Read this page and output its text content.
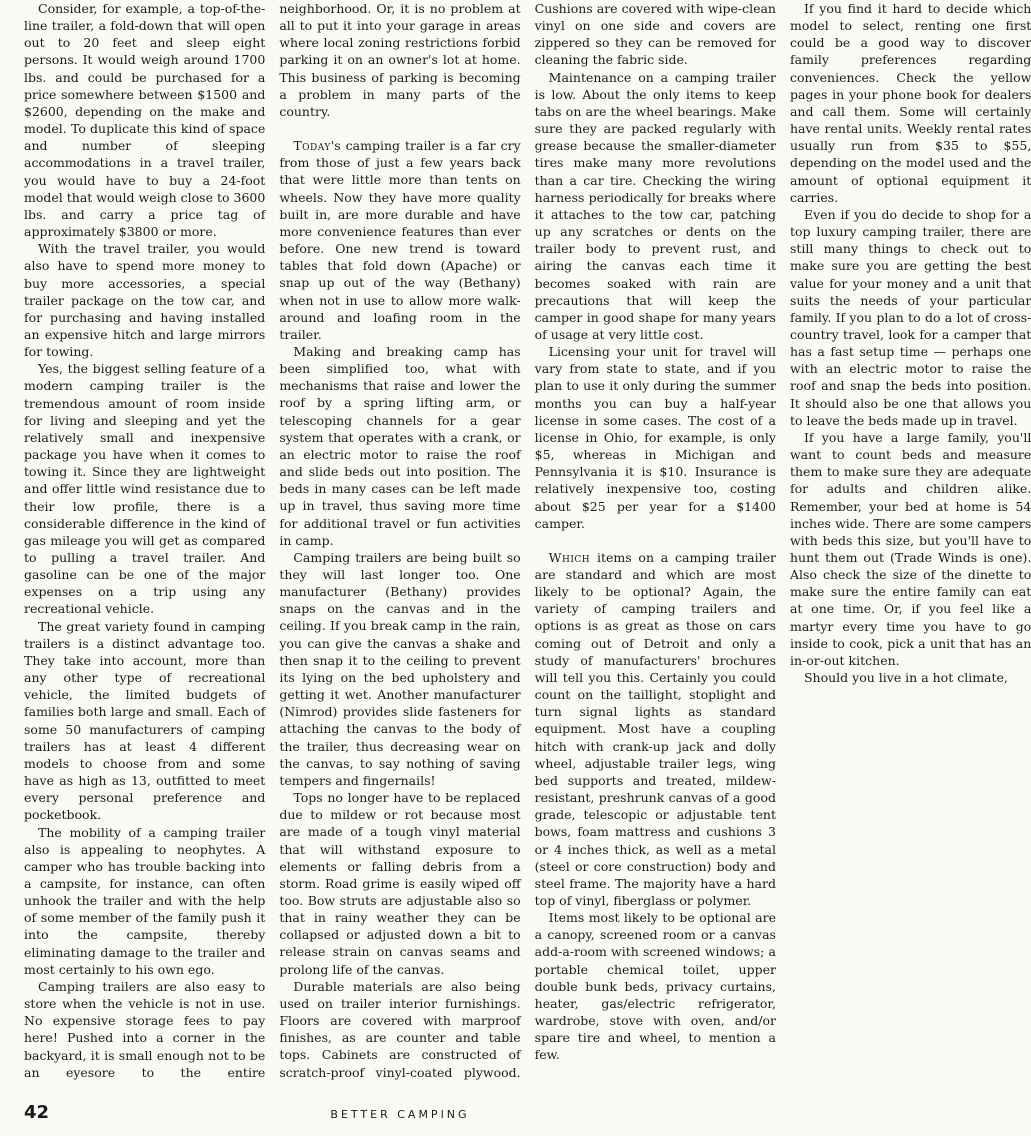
Consider, for example, a top-of-the-line trailer, a fold-down that will open out to 20 feet and sleep eight persons. It would weigh around 1700 lbs. and could be purchased for a price somewhere between $1500 and $2600, depending on the make and model. To duplicate this kind of space and number of sleeping accommodations in a travel trailer, you would have to buy a 24-foot model that would weigh close to 3600 lbs. and carry a price tag of approximately $3800 or more.

With the travel trailer, you would also have to spend more money to buy more accessories, a special trailer package on the tow car, and for purchasing and having installed an expensive hitch and large mirrors for towing.

Yes, the biggest selling feature of a modern camping trailer is the tremendous amount of room inside for living and sleeping and yet the relatively small and inexpensive package you have when it comes to towing it. Since they are lightweight and offer little wind resistance due to their low profile, there is a considerable difference in the kind of gas mileage you will get as compared to pulling a travel trailer. And gasoline can be one of the major expenses on a trip using any recreational vehicle.

The great variety found in camping trailers is a distinct advantage too. They take into account, more than any other type of recreational vehicle, the limited budgets of families both large and small. Each of some 50 manufacturers of camping trailers has at least 4 different models to choose from and some have as high as 13, outfitted to meet every personal preference and pocketbook.

The mobility of a camping trailer also is appealing to neophytes. A camper who has trouble backing into a campsite, for instance, can often unhook the trailer and with the help of some member of the family push it into the campsite, thereby eliminating damage to the trailer and most certainly to his own ego.

Camping trailers are also easy to store when the vehicle is not in use. No expensive storage fees to pay here! Pushed into a corner in the backyard, it is small enough not to be an eyesore to the entire neighborhood. Or, it is no problem at all to put it into your garage in areas where local zoning restrictions forbid parking it on an owner's lot at home. This business of parking is becoming a problem in many parts of the country.

Today's camping trailer is a far cry from those of just a few years back that were little more than tents on wheels. Now they have more quality built in, are more durable and have more convenience features than ever before. One new trend is toward tables that fold down (Apache) or snap up out of the way (Bethany) when not in use to allow more walk-around and loafing room in the trailer.

Making and breaking camp has been simplified too, what with mechanisms that raise and lower the roof by a spring lifting arm, or telescoping channels for a gear system that operates with a crank, or an electric motor to raise the roof and slide beds out into position. The beds in many cases can be left made up in travel, thus saving more time for additional travel or fun activities in camp.

Camping trailers are being built so they will last longer too. One manufacturer (Bethany) provides snaps on the canvas and in the ceiling. If you break camp in the rain, you can give the canvas a shake and then snap it to the ceiling to prevent its lying on the bed upholstery and getting it wet. Another manufacturer (Nimrod) provides slide fasteners for attaching the canvas to the body of the trailer, thus decreasing wear on the canvas, to say nothing of saving tempers and fingernails!

Tops no longer have to be replaced due to mildew or rot because most are made of a tough vinyl material that will withstand exposure to elements or falling debris from a storm. Road grime is easily wiped off too. Bow struts are adjustable also so that in rainy weather they can be collapsed or adjusted down a bit to release strain on canvas seams and prolong life of the canvas.

Durable materials are also being used on trailer interior furnishings. Floors are covered with marproof finishes, as are counter and table tops. Cabinets are constructed of scratch-proof vinyl-coated plywood. Cushions are covered with wipe-clean vinyl on one side and covers are zippered so they can be removed for cleaning the fabric side.

Maintenance on a camping trailer is low. About the only items to keep tabs on are the wheel bearings. Make sure they are packed regularly with grease because the smaller-diameter tires make many more revolutions than a car tire. Checking the wiring harness periodically for breaks where it attaches to the tow car, patching up any scratches or dents on the trailer body to prevent rust, and airing the canvas each time it becomes soaked with rain are precautions that will keep the camper in good shape for many years of usage at very little cost.

Licensing your unit for travel will vary from state to state, and if you plan to use it only during the summer months you can buy a half-year license in some cases. The cost of a license in Ohio, for example, is only $5, whereas in Michigan and Pennsylvania it is $10. Insurance is relatively inexpensive too, costing about $25 per year for a $1400 camper.

Which items on a camping trailer are standard and which are most likely to be optional? Again, the variety of camping trailers and options is as great as those on cars coming out of Detroit and only a study of manufacturers' brochures will tell you this. Certainly you could count on the taillight, stoplight and turn signal lights as standard equipment. Most have a coupling hitch with crank-up jack and dolly wheel, adjustable trailer legs, wing bed supports and treated, mildew-resistant, preshrunk canvas of a good grade, telescopic or adjustable tent bows, foam mattress and cushions 3 or 4 inches thick, as well as a metal (steel or core construction) body and steel frame. The majority have a hard top of vinyl, fiberglass or polymer.

Items most likely to be optional are a canopy, screened room or a canvas add-a-room with screened windows; a portable chemical toilet, upper double bunk beds, privacy curtains, heater, gas/electric refrigerator, wardrobe, stove with oven, and/or spare tire and wheel, to mention a few.

If you find it hard to decide which model to select, renting one first could be a good way to discover family preferences regarding conveniences. Check the yellow pages in your phone book for dealers and call them. Some will certainly have rental units. Weekly rental rates usually run from $35 to $55, depending on the model used and the amount of optional equipment it carries.

Even if you do decide to shop for a top luxury camping trailer, there are still many things to check out to make sure you are getting the best value for your money and a unit that suits the needs of your particular family. If you plan to do a lot of cross-country travel, look for a camper that has a fast setup time — perhaps one with an electric motor to raise the roof and snap the beds into position. It should also be one that allows you to leave the beds made up in travel.

If you have a large family, you'll want to count beds and measure them to make sure they are adequate for adults and children alike. Remember, your bed at home is 54 inches wide. There are some campers with beds this size, but you'll have to hunt them out (Trade Winds is one). Also check the size of the dinette to make sure the entire family can eat at one time. Or, if you feel like a martyr every time you have to go inside to cook, pick a unit that has an in-or-out kitchen.

Should you live in a hot climate,

42	BETTER CAMPING
